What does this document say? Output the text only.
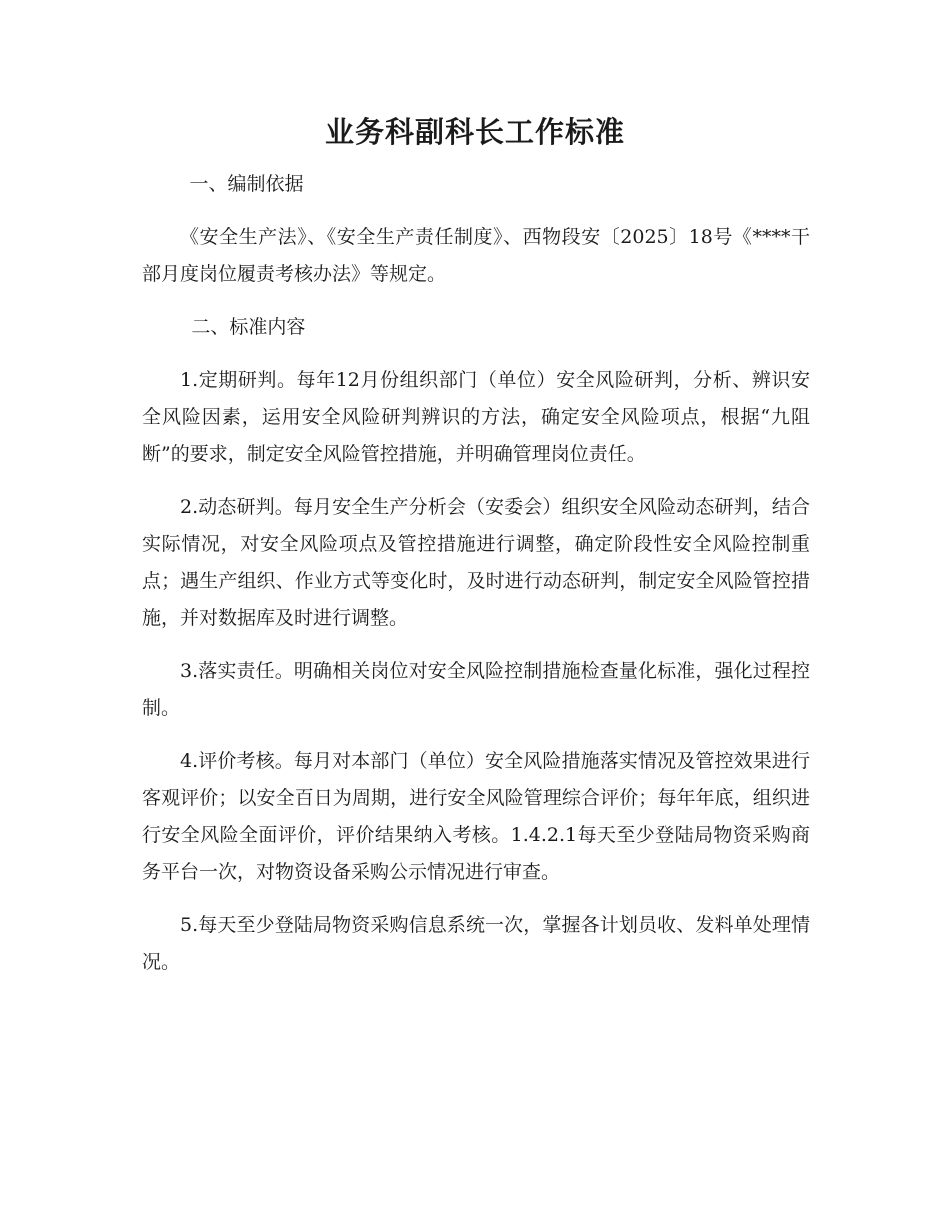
业务科副科长工作标准

一、编制依据

《安全生产法》、《安全生产责任制度》、西物段安〔2025〕18号《****干部月度岗位履责考核办法》等规定。

二、标准内容

1.定期研判。每年12月份组织部门（单位）安全风险研判，分析、辨识安全风险因素，运用安全风险研判辨识的方法，确定安全风险项点，根据“九阻断”的要求，制定安全风险管控措施，并明确管理岗位责任。

2.动态研判。每月安全生产分析会（安委会）组织安全风险动态研判，结合实际情况，对安全风险项点及管控措施进行调整，确定阶段性安全风险控制重点；遇生产组织、作业方式等变化时，及时进行动态研判，制定安全风险管控措施，并对数据库及时进行调整。

3.落实责任。明确相关岗位对安全风险控制措施检查量化标准，强化过程控制。

4.评价考核。每月对本部门（单位）安全风险措施落实情况及管控效果进行客观评价；以安全百日为周期，进行安全风险管理综合评价；每年年底，组织进行安全风险全面评价，评价结果纳入考核。1.4.2.1每天至少登陆局物资采购商务平台一次，对物资设备采购公示情况进行审查。

5.每天至少登陆局物资采购信息系统一次，掌握各计划员收、发料单处理情况。
